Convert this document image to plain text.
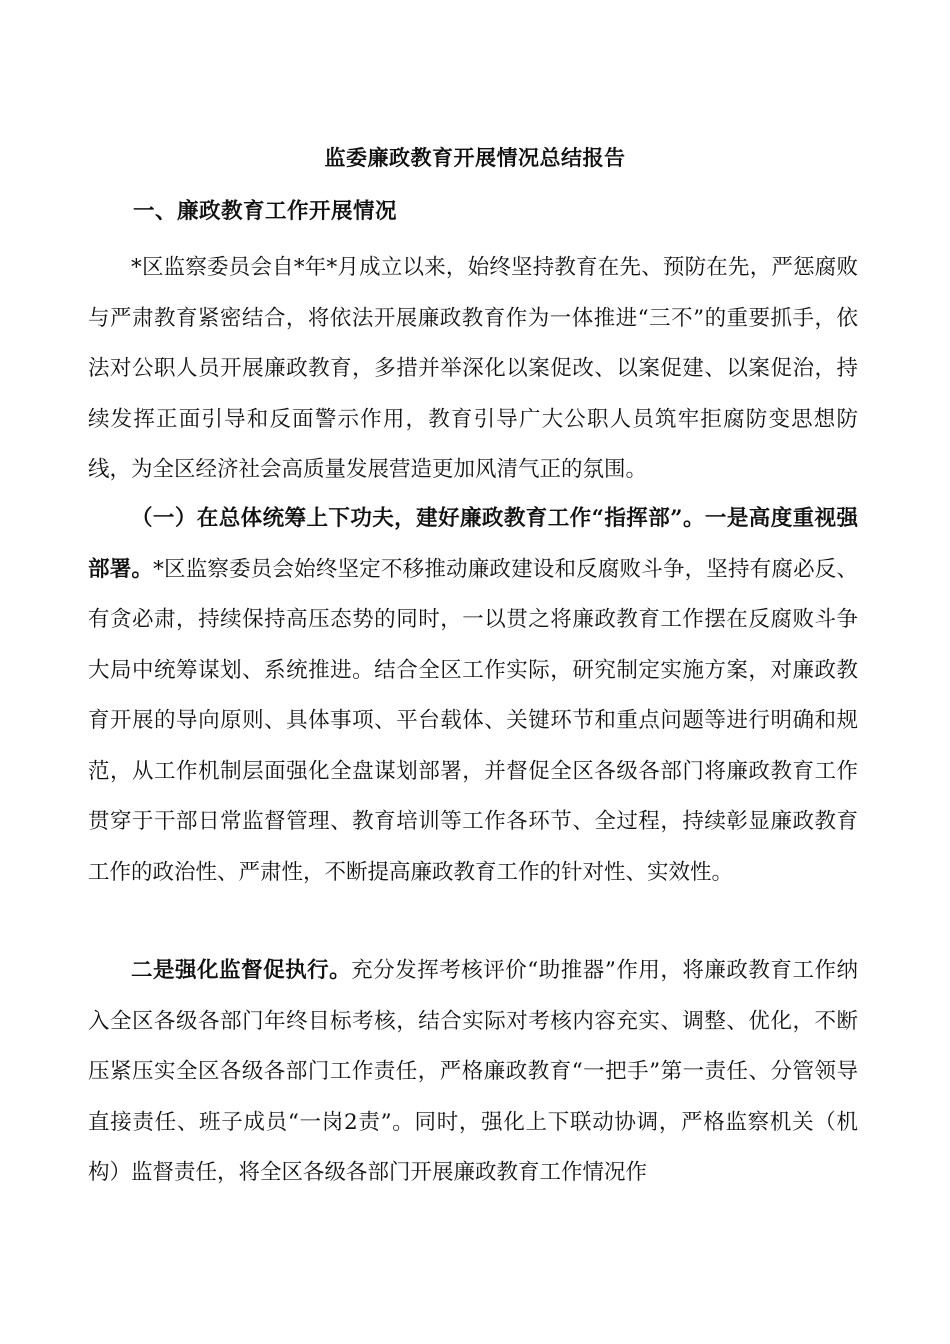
监委廉政教育开展情况总结报告
一、廉政教育工作开展情况

*区监察委员会自*年*月成立以来，始终坚持教育在先、预防在先，严惩腐败与严肃教育紧密结合，将依法开展廉政教育作为一体推进“三不”的重要抓手，依法对公职人员开展廉政教育，多措并举深化以案促改、以案促建、以案促治，持续发挥正面引导和反面警示作用，教育引导广大公职人员筑牢拒腐防变思想防线，为全区经济社会高质量发展营造更加风清气正的氛围。

（一）在总体统筹上下功夫，建好廉政教育工作“指挥部”。一是高度重视强部署。*区监察委员会始终坚定不移推动廉政建设和反腐败斗争，坚持有腐必反、有贪必肃，持续保持高压态势的同时，一以贯之将廉政教育工作摆在反腐败斗争大局中统筹谋划、系统推进。结合全区工作实际，研究制定实施方案，对廉政教育开展的导向原则、具体事项、平台载体、关键环节和重点问题等进行明确和规范，从工作机制层面强化全盘谋划部署，并督促全区各级各部门将廉政教育工作贯穿于干部日常监督管理、教育培训等工作各环节、全过程，持续彰显廉政教育工作的政治性、严肃性，不断提高廉政教育工作的针对性、实效性。

二是强化监督促执行。充分发挥考核评价“助推器”作用，将廉政教育工作纳入全区各级各部门年终目标考核，结合实际对考核内容充实、调整、优化，不断压紧压实全区各级各部门工作责任，严格廉政教育“一把手”第一责任、分管领导直接责任、班子成员“一岗2责”。同时，强化上下联动协调，严格监察机关（机构）监督责任，将全区各级各部门开展廉政教育工作情况作
